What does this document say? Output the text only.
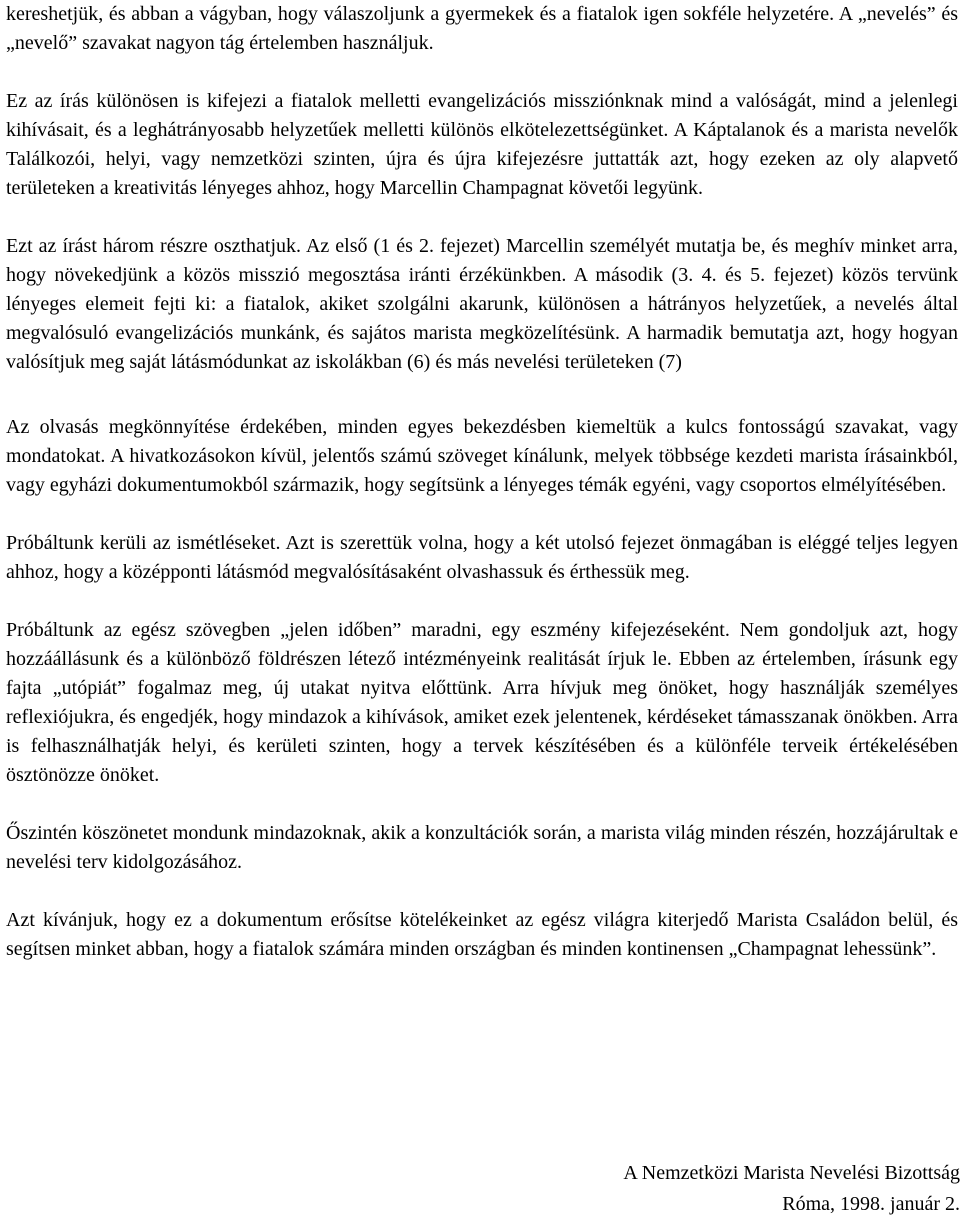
kereshetjük, és abban a vágyban, hogy válaszoljunk a gyermekek és a fiatalok igen sokféle helyzetére. A „nevelés” és „nevelő” szavakat nagyon tág értelemben használjuk.

Ez az írás különösen is kifejezi a fiatalok melletti evangelizációs missziónknak mind a valóságát, mind a jelenlegi kihívásait, és a leghátrányosabb helyzetűek melletti különös elkötelezettségünket. A Káptalanok és a marista nevelők Találkozói, helyi, vagy nemzetközi szinten, újra és újra kifejezésre juttatták azt, hogy ezeken az oly alapvető területeken a kreativitás lényeges ahhoz, hogy Marcellin Champagnat követői legyünk.

Ezt az írást három részre oszthatjuk. Az első (1 és 2. fejezet) Marcellin személyét mutatja be, és meghív minket arra, hogy növekedjünk a közös misszió megosztása iránti érzékünkben. A második (3. 4. és 5. fejezet) közös tervünk lényeges elemeit fejti ki: a fiatalok, akiket szolgálni akarunk, különösen a hátrányos helyzetűek, a nevelés által megvalósuló evangelizációs munkánk, és sajátos marista megközelítésünk. A harmadik bemutatja azt, hogy hogyan valósítjuk meg saját látásmódunkat az iskolákban (6) és más nevelési területeken (7)

Az olvasás megkönnyítése érdekében, minden egyes bekezdésben kiemeltük a kulcs fontosságú szavakat, vagy mondatokat. A hivatkozásokon kívül, jelentős számú szöveget kínálunk, melyek többsége kezdeti marista írásainkból, vagy egyházi dokumentumokból származik, hogy segítsünk a lényeges témák egyéni, vagy csoportos elmélyítésében.

Próbáltunk kerüli az ismétléseket. Azt is szerettük volna, hogy a két utolsó fejezet önmagában is eléggé teljes legyen ahhoz, hogy a középponti látásmód megvalósításaként olvashassuk és érthessük meg.

Próbáltunk az egész szövegben „jelen időben” maradni, egy eszmény kifejezéseként. Nem gondoljuk azt, hogy hozzáállásunk és a különböző földrészen létező intézményeink realitását írjuk le. Ebben az értelemben, írásunk egy fajta „utópiát” fogalmaz meg, új utakat nyitva előttünk. Arra hívjuk meg önöket, hogy használják személyes reflexiójukra, és engedjék, hogy mindazok a kihívások, amiket ezek jelentenek, kérdéseket támasszanak önökben. Arra is felhasználhatják helyi, és kerületi szinten, hogy a tervek készítésében és a különféle terveik értékelésében ösztönözze önöket.

Őszintén köszönetet mondunk mindazoknak, akik a konzultációk során, a marista világ minden részén, hozzájárultak e nevelési terv kidolgozásához.

Azt kívánjuk, hogy ez a dokumentum erősítse kötelékeinket az egész világra kiterjedő Marista Családon belül, és segítsen minket abban, hogy a fiatalok számára minden országban és minden kontinensen „Champagnat lehessünk”.

A Nemzetközi Marista Nevelési Bizottság
Róma, 1998. január 2.
